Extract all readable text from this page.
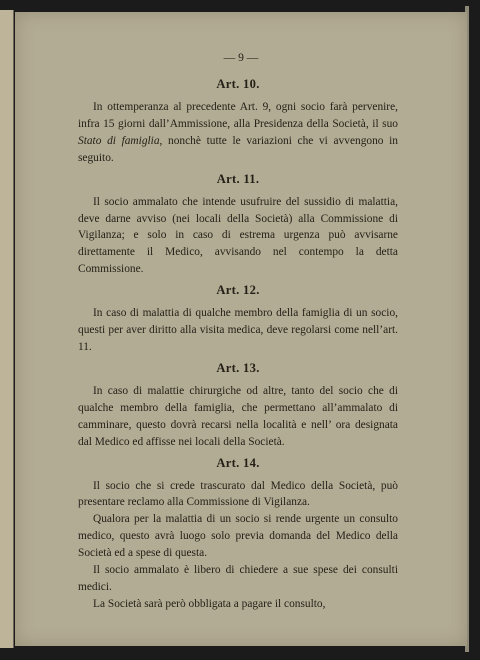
— 9 —
Art. 10.

In ottemperanza al precedente Art. 9, ogni socio farà pervenire, infra 15 giorni dall’Ammissione, alla Presidenza della Società, il suo Stato di famiglia, nonchè tutte le variazioni che vi avvengono in seguito.

Art. 11.

Il socio ammalato che intende usufruire del sussidio di malattia, deve darne avviso (nei locali della Società) alla Commissione di Vigilanza; e solo in caso di estrema urgenza può avvisarne direttamente il Medico, avvisando nel contempo la detta Commissione.

Art. 12.

In caso di malattia di qualche membro della famiglia di un socio, questi per aver diritto alla visita medica, deve regolarsi come nell’art. 11.

Art. 13.

In caso di malattie chirurgiche od altre, tanto del socio che di qualche membro della famiglia, che permettano all’ammalato di camminare, questo dovrà recarsi nella località e nell’ ora designata dal Medico ed affisse nei locali della Società.

Art. 14.

Il socio che si crede trascurato dal Medico della Società, può presentare reclamo alla Commissione di Vigilanza.

Qualora per la malattia di un socio si rende urgente un consulto medico, questo avrà luogo solo previa domanda del Medico della Società ed a spese di questa.

Il socio ammalato è libero di chiedere a sue spese dei consulti medici.

La Società sarà però obbligata a pagare il consulto,
